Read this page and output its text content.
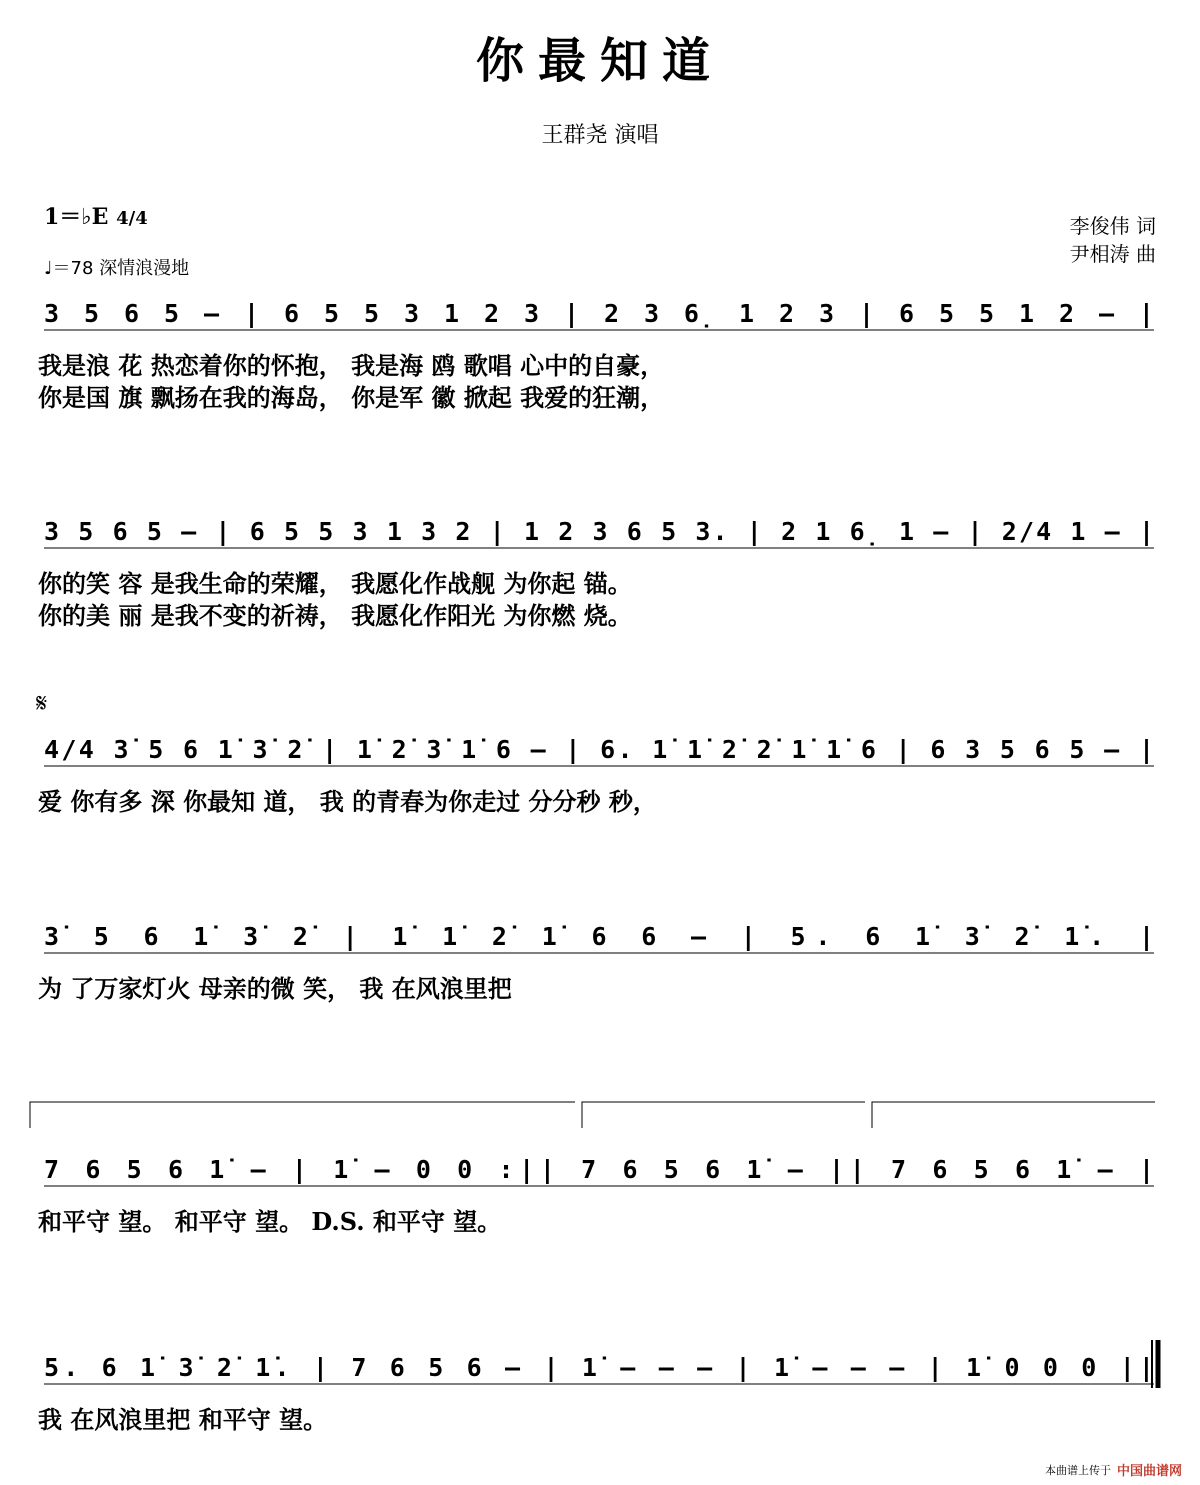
你最知道
王群尧 演唱
1＝♭E 4/4
♩＝78 深情浪漫地
李俊伟 词
尹相涛 曲
3 5 6 5 – | 6 5 5 3 1 2 3 | 2 3 6̣ 1 2 3 | 6 5 5 1 2 – |
我是浪 花 热恋着你的怀抱， 我是海 鸥 歌唱 心中的自豪，
你是国 旗 飘扬在我的海岛， 你是军 徽 掀起 我爱的狂潮，
3 5 6 5 – | 6 5 5 3 1 3 2 | 1 2 3 6 5 3. | 2 1 6̣ 1 – | 2/4 1 – |
你的笑 容 是我生命的荣耀， 我愿化作战舰 为你起 锚。
你的美 丽 是我不变的祈祷， 我愿化作阳光 为你燃 烧。
4/4 3̇ 5 6 1̇ 3̇ 2̇ | 1̇ 2̇ 3̇ 1̇ 6 – | 6. 1̇ 1̇ 2̇ 2̇ 1̇ 1̇ 6 | 6 3 5 6 5 – |
爱 你有多 深 你最知 道， 我 的青春为你走过 分分秒 秒，
3̇ 5 6 1̇ 3̇ 2̇ | 1̇ 1̇ 2̇ 1̇ 6 6 – | 5. 6 1̇ 3̇ 2̇ 1̇. |
为 了万家灯火 母亲的微 笑， 我 在风浪里把
7 6 5 6 1̇ – | 1̇ – 0 0 :|| 7 6 5 6 1̇ – || 7 6 5 6 1̇ – |
和平守 望。 和平守 望。 D.S. 和平守 望。
5. 6 1̇ 3̇ 2̇ 1̇. | 7 6 5 6 – | 1̇ – – – | 1̇ – – – | 1̇ 0 0 0 ||
我 在风浪里把 和平守 望。
𝄋
本曲谱上传于 中国曲谱网
